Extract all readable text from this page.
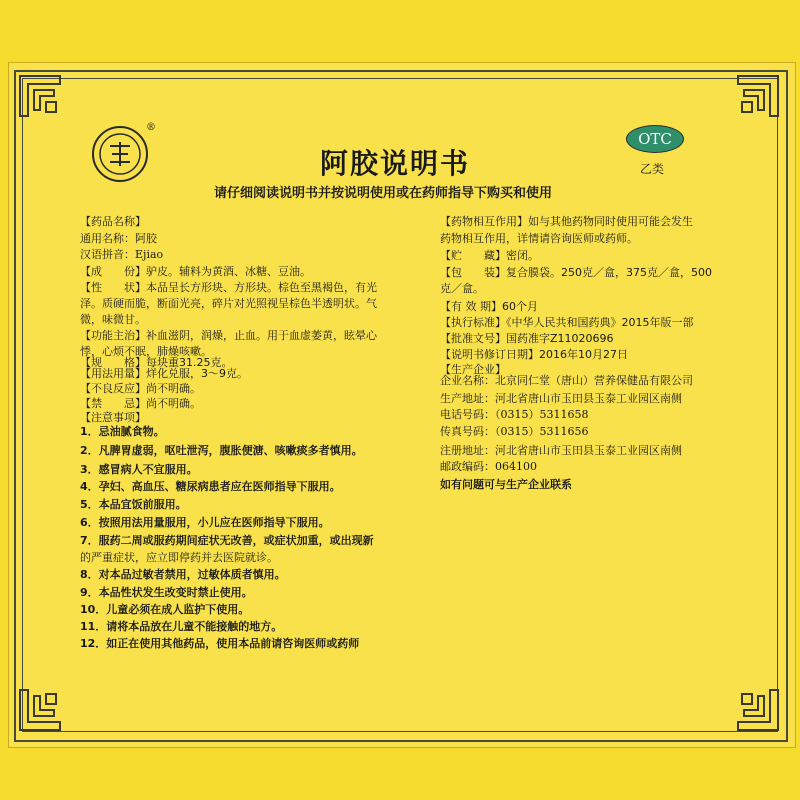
®
阿胶说明书
请仔细阅读说明书并按说明使用或在药师指导下购买和使用
OTC
乙类
【药品名称】
通用名称：阿胶
汉语拼音：Ejiao
【成　　份】驴皮。辅料为黄酒、冰糖、豆油。
【性　　状】本品呈长方形块、方形块。棕色至黑褐色，有光
泽。质硬而脆，断面光亮，碎片对光照视呈棕色半透明状。气
微，味微甘。
【功能主治】补血滋阴，润燥，止血。用于血虚萎黄，眩晕心
悸，心烦不眠，肺燥咳嗽。
【规　　格】每块重31.25克。
【用法用量】烊化兑服，3～9克。
【不良反应】尚不明确。
【禁　　忌】尚不明确。
【注意事项】
1．忌油腻食物。
2．凡脾胃虚弱，呕吐泄泻，腹胀便溏、咳嗽痰多者慎用。
3．感冒病人不宜服用。
4．孕妇、高血压、糖尿病患者应在医师指导下服用。
5．本品宜饭前服用。
6．按照用法用量服用，小儿应在医师指导下服用。
7．服药二周或服药期间症状无改善，或症状加重，或出现新
的严重症状，应立即停药并去医院就诊。
8．对本品过敏者禁用，过敏体质者慎用。
9．本品性状发生改变时禁止使用。
10．儿童必须在成人监护下使用。
11．请将本品放在儿童不能接触的地方。
12．如正在使用其他药品，使用本品前请咨询医师或药师
【药物相互作用】如与其他药物同时使用可能会发生
药物相互作用，详情请咨询医师或药师。
【贮　　藏】密闭。
【包　　装】复合膜袋。250克／盒，375克／盒，500
克／盒。
【有 效 期】60个月
【执行标准】《中华人民共和国药典》2015年版一部
【批准文号】国药准字Z11020696
【说明书修订日期】2016年10月27日
【生产企业】
企业名称：北京同仁堂（唐山）营养保健品有限公司
生产地址：河北省唐山市玉田县玉泰工业园区南侧
电话号码：（0315）5311658
传真号码：（0315）5311656
注册地址：河北省唐山市玉田县玉泰工业园区南侧
邮政编码：064100
如有问题可与生产企业联系
